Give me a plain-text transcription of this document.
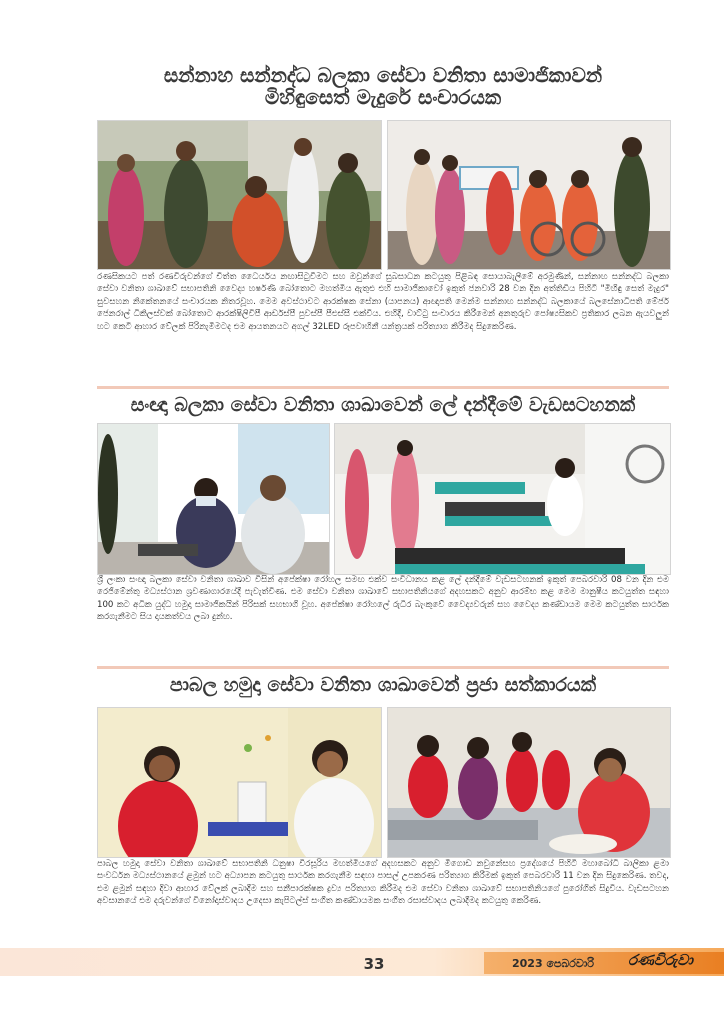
සන්නාහ සන්නද්ධ බලකා සේවා වනිතා සාමාජිකාවන්
මිහිඳුසෙත් මැදුරේ සංචාරයක

රණසිකයට පත් රණවිරුවන්ගේ චිත්ත ධෛර්යය නඟාසිටුවීමට සහ ඔවුන්ගේ සුබසාධන කටයුතු පිළිබඳ සොයාබැලීමේ අරමුණින්, සන්නාහ සන්නද්ධ බලකා සේවා වනිතා ශාඛාවේ සභාපතිනි වෛද්‍ය හර්ෂණී බෝතොට මහත්මිය ඇතුළු එහි සාමාජිකාවෝ ඉකුත් ජනවාරි 28 වන දින අත්තිඩිය පිහිටි "මිහිඳු සෙත් මැදුර" සුවසහන නිකේතනයේ සංචාරයක නිතරවූහ. මෙම අවස්ථාවට ආරක්ෂක සේනා (යාපනය) ආඥාපති මෙන්ම සන්නාහ සන්නද්ධ බලකායේ බලසේනාධිපති මේජර් ජෙනරාල් ධිකිලස්වක් බෝතොට ආරක්ෂිලිවිපී ආර්ඩස්පී පුවස්පී පීඑස්සී එක්විය. එහිදී, වාට්ටු සංචාරය කිරීමෙන් අනතුරුව පෝෂ්‍යසිකව ප්‍රතිකාර ලබන ඇයවලුන් හට කෙටි ආහාර වේලක් පිරිනැමීමටද එම ආයතනයට අගල් 32LED රූපවාහිනී යන්ත්‍රයක් පරිත්‍යාග කිරීමද සිදුකෙරිණ.

සංඥා බලකා සේවා වනිතා ශාඛාවෙන් ලේ දන්දීමේ වැඩසටහනක්

ශ්‍රී ලංකා සංඥා බලකා සේවා වනිතා ශාඛාව විසින් අපේක්ෂා රෝහල සමඟ එක්ව සංවිධානය කළ ලේ දන්දීමේ වැඩසටහනක් ඉකුත් පෙබරවාරි 08 වන දින එම රෙජිමේන්තු මධ්‍යස්ථාන ශ්‍රවණාගාරයේදී පැවැත්විණ. එම සේවා වනිතා ශාඛාවේ සභාපතිනියගේ අදහසකට අනුව ආරම්භ කළ මෙම මානුෂීය කටයුත්ත සඳහා 100 කට අධික යුද්ධ හමුදා සාමාජිකයින් පිරිසක් සහභාගි වූහ. අපේක්ෂා රෝහලේ රුධිර බැංකුවේ වෛද්‍යවරුන් සහ වෛද්‍ය කණ්ඩායම මෙම කටයුත්ත සාර්ථක කරගැනීමට සිය දායකත්වය ලබා දුන්හ.

පාබල හමුදා සේවා වනිතා ශාඛාවෙන් ප්‍රජා සත්කාරයක්

පාබල හමුදා සේවා වනිතා ශාඛාවේ සභාපතිනි ධනුෂා විරසූරිය මහත්මියගේ අදහසකට අනුව මීගොඩ නවුනේසහ ප්‍රදේශයේ පිහිටි මහාබෝධි බාලිකා ළමා සංවර්ධන මධ්‍යස්ථානයේ ළමුන් හට අධ්‍යාපන කටයුතු සාර්ථක කරගැනීම සඳහා පාසල් උපකරණ පරිත්‍යාග කිරීමක් ඉකුත් පෙබරවාරි 11 වන දින සිදුකෙරිණ. තවද, එම ළමුන් සඳහා දිවා ආහාර වේලක් ලබාදීම සහ සනීපාරක්ෂක ද්‍රව්‍ය පරිත්‍යාග කිරීමද එම සේවා වනිතා ශාඛාවේ සභාපතිනියගේ පුරෝගිත් සිදුවිය. වැඩසටහන අවසානයේ එම දරුවන්ගේ විනෝදාස්වාදය උදෙසා කැපිටල්ස් සංගීත කණ්ඩායමක සංගීත රසාස්වාදය ලබාදීමද කටයුතු කෙරිණ.

33	2023 පෙබරවාරි රණවිරුවා
